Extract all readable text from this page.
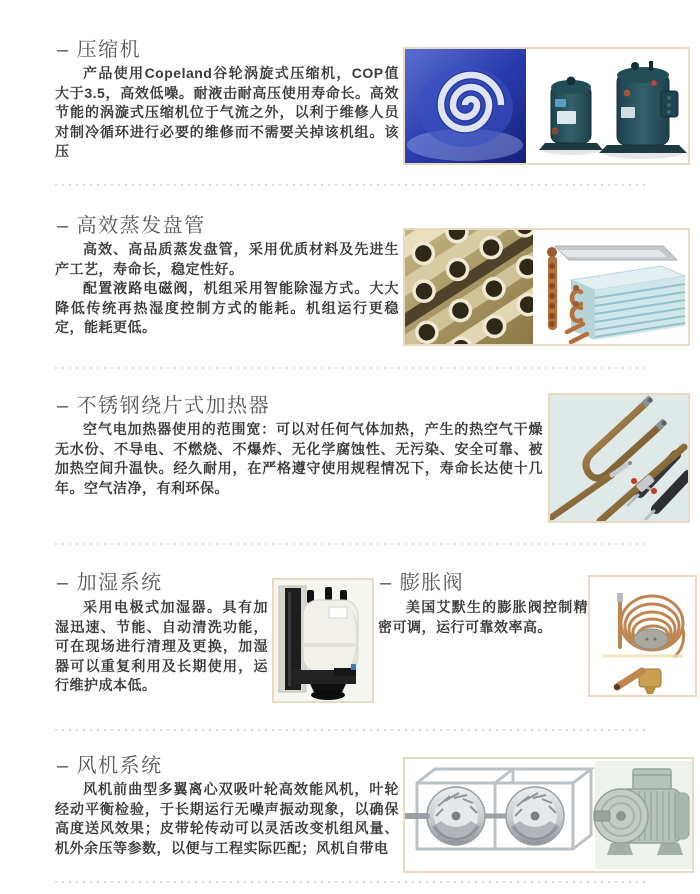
– 压缩机

产品使用Copeland谷轮涡旋式压缩机，COP值大于3.5，高效低噪。耐液击耐高压使用寿命长。高效节能的涡漩式压缩机位于气流之外，以利于维修人员对制冷循环进行必要的维修而不需要关掉该机组。该压

– 高效蒸发盘管

高效、高品质蒸发盘管，采用优质材料及先进生产工艺，寿命长，稳定性好。

配置液路电磁阀，机组采用智能除湿方式。大大降低传统再热湿度控制方式的能耗。机组运行更稳定，能耗更低。

– 不锈钢绕片式加热器

空气电加热器使用的范围宽：可以对任何气体加热，产生的热空气干燥无水份、不导电、不燃烧、不爆炸、无化学腐蚀性、无污染、安全可靠、被加热空间升温快。经久耐用，在严格遵守使用规程情况下，寿命长达使十几年。空气洁净，有利环保。

– 加湿系统

采用电极式加湿器。具有加湿迅速、节能、自动清洗功能，可在现场进行清理及更换，加湿器可以重复利用及长期使用，运行维护成本低。

– 膨胀阀

美国艾默生的膨胀阀控制精密可调，运行可靠效率高。

– 风机系统

风机前曲型多翼离心双吸叶轮高效能风机，叶轮经动平衡检验，于长期运行无噪声振动现象，以确保高度送风效果；皮带轮传动可以灵活改变机组风量、机外余压等参数，以便与工程实际匹配；风机自带电
